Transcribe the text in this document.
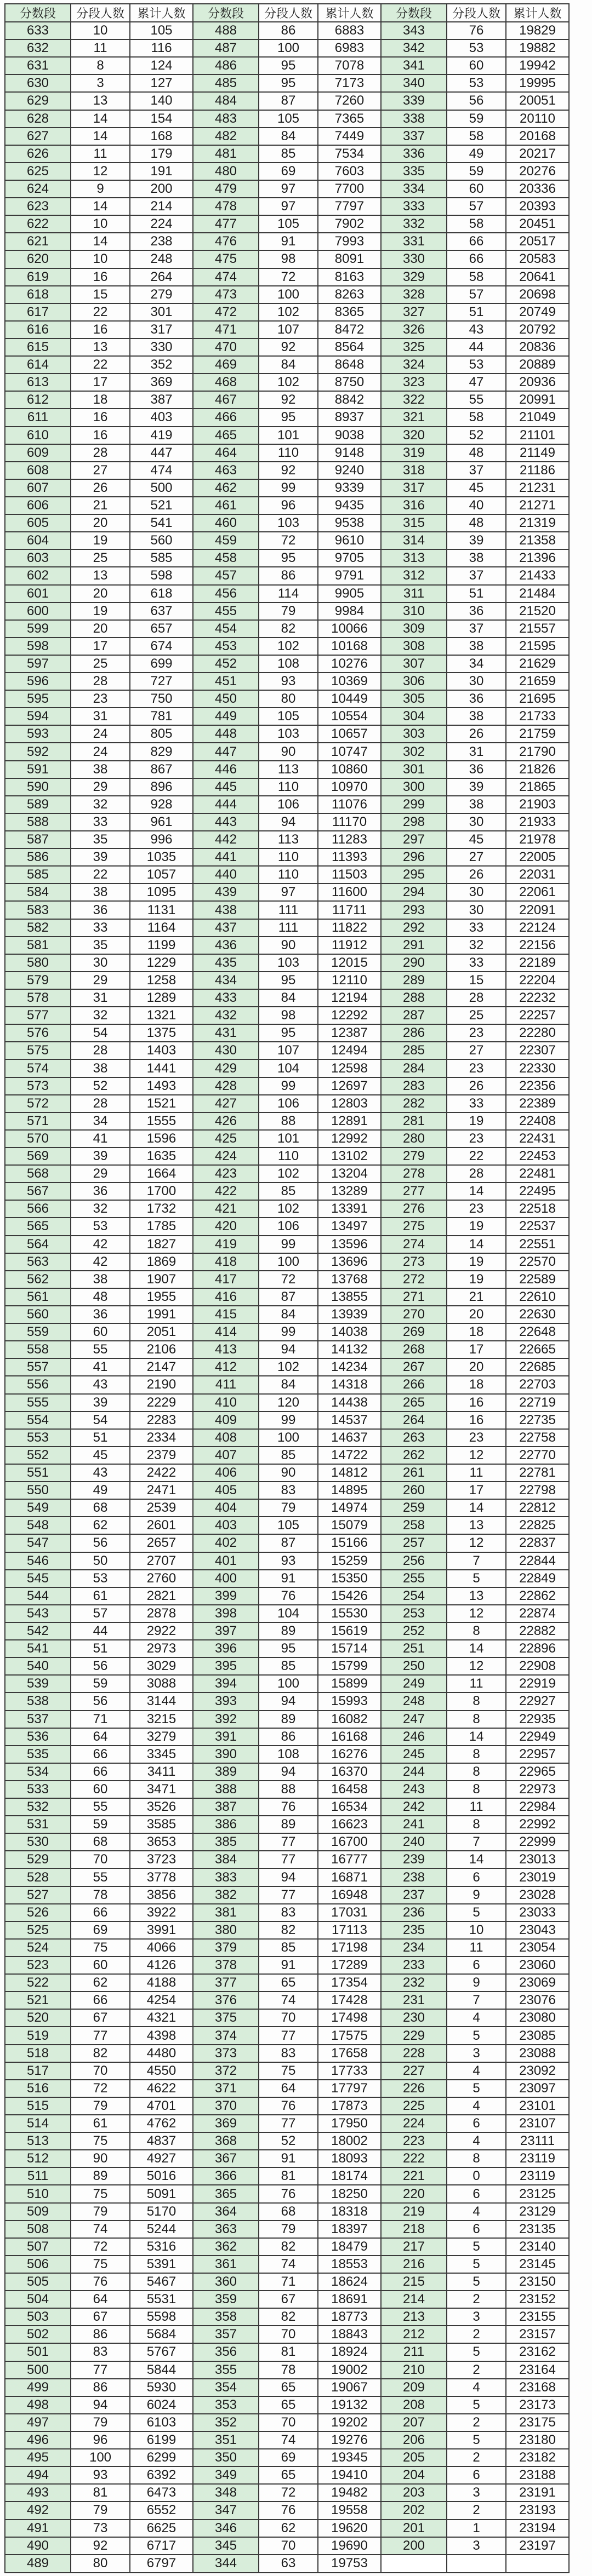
分数段	分段人数	累计人数	分数段	分段人数	累计人数	分数段	分段人数	累计人数
633	10	105	488	86	6883	343	76	19829
632	11	116	487	100	6983	342	53	19882
631	8	124	486	95	7078	341	60	19942
630	3	127	485	95	7173	340	53	19995
629	13	140	484	87	7260	339	56	20051
628	14	154	483	105	7365	338	59	20110
627	14	168	482	84	7449	337	58	20168
626	11	179	481	85	7534	336	49	20217
625	12	191	480	69	7603	335	59	20276
624	9	200	479	97	7700	334	60	20336
623	14	214	478	97	7797	333	57	20393
622	10	224	477	105	7902	332	58	20451
621	14	238	476	91	7993	331	66	20517
620	10	248	475	98	8091	330	66	20583
619	16	264	474	72	8163	329	58	20641
618	15	279	473	100	8263	328	57	20698
617	22	301	472	102	8365	327	51	20749
616	16	317	471	107	8472	326	43	20792
615	13	330	470	92	8564	325	44	20836
614	22	352	469	84	8648	324	53	20889
613	17	369	468	102	8750	323	47	20936
612	18	387	467	92	8842	322	55	20991
611	16	403	466	95	8937	321	58	21049
610	16	419	465	101	9038	320	52	21101
609	28	447	464	110	9148	319	48	21149
608	27	474	463	92	9240	318	37	21186
607	26	500	462	99	9339	317	45	21231
606	21	521	461	96	9435	316	40	21271
605	20	541	460	103	9538	315	48	21319
604	19	560	459	72	9610	314	39	21358
603	25	585	458	95	9705	313	38	21396
602	13	598	457	86	9791	312	37	21433
601	20	618	456	114	9905	311	51	21484
600	19	637	455	79	9984	310	36	21520
599	20	657	454	82	10066	309	37	21557
598	17	674	453	102	10168	308	38	21595
597	25	699	452	108	10276	307	34	21629
596	28	727	451	93	10369	306	30	21659
595	23	750	450	80	10449	305	36	21695
594	31	781	449	105	10554	304	38	21733
593	24	805	448	103	10657	303	26	21759
592	24	829	447	90	10747	302	31	21790
591	38	867	446	113	10860	301	36	21826
590	29	896	445	110	10970	300	39	21865
589	32	928	444	106	11076	299	38	21903
588	33	961	443	94	11170	298	30	21933
587	35	996	442	113	11283	297	45	21978
586	39	1035	441	110	11393	296	27	22005
585	22	1057	440	110	11503	295	26	22031
584	38	1095	439	97	11600	294	30	22061
583	36	1131	438	111	11711	293	30	22091
582	33	1164	437	111	11822	292	33	22124
581	35	1199	436	90	11912	291	32	22156
580	30	1229	435	103	12015	290	33	22189
579	29	1258	434	95	12110	289	15	22204
578	31	1289	433	84	12194	288	28	22232
577	32	1321	432	98	12292	287	25	22257
576	54	1375	431	95	12387	286	23	22280
575	28	1403	430	107	12494	285	27	22307
574	38	1441	429	104	12598	284	23	22330
573	52	1493	428	99	12697	283	26	22356
572	28	1521	427	106	12803	282	33	22389
571	34	1555	426	88	12891	281	19	22408
570	41	1596	425	101	12992	280	23	22431
569	39	1635	424	110	13102	279	22	22453
568	29	1664	423	102	13204	278	28	22481
567	36	1700	422	85	13289	277	14	22495
566	32	1732	421	102	13391	276	23	22518
565	53	1785	420	106	13497	275	19	22537
564	42	1827	419	99	13596	274	14	22551
563	42	1869	418	100	13696	273	19	22570
562	38	1907	417	72	13768	272	19	22589
561	48	1955	416	87	13855	271	21	22610
560	36	1991	415	84	13939	270	20	22630
559	60	2051	414	99	14038	269	18	22648
558	55	2106	413	94	14132	268	17	22665
557	41	2147	412	102	14234	267	20	22685
556	43	2190	411	84	14318	266	18	22703
555	39	2229	410	120	14438	265	16	22719
554	54	2283	409	99	14537	264	16	22735
553	51	2334	408	100	14637	263	23	22758
552	45	2379	407	85	14722	262	12	22770
551	43	2422	406	90	14812	261	11	22781
550	49	2471	405	83	14895	260	17	22798
549	68	2539	404	79	14974	259	14	22812
548	62	2601	403	105	15079	258	13	22825
547	56	2657	402	87	15166	257	12	22837
546	50	2707	401	93	15259	256	7	22844
545	53	2760	400	91	15350	255	5	22849
544	61	2821	399	76	15426	254	13	22862
543	57	2878	398	104	15530	253	12	22874
542	44	2922	397	89	15619	252	8	22882
541	51	2973	396	95	15714	251	14	22896
540	56	3029	395	85	15799	250	12	22908
539	59	3088	394	100	15899	249	11	22919
538	56	3144	393	94	15993	248	8	22927
537	71	3215	392	89	16082	247	8	22935
536	64	3279	391	86	16168	246	14	22949
535	66	3345	390	108	16276	245	8	22957
534	66	3411	389	94	16370	244	8	22965
533	60	3471	388	88	16458	243	8	22973
532	55	3526	387	76	16534	242	11	22984
531	59	3585	386	89	16623	241	8	22992
530	68	3653	385	77	16700	240	7	22999
529	70	3723	384	77	16777	239	14	23013
528	55	3778	383	94	16871	238	6	23019
527	78	3856	382	77	16948	237	9	23028
526	66	3922	381	83	17031	236	5	23033
525	69	3991	380	82	17113	235	10	23043
524	75	4066	379	85	17198	234	11	23054
523	60	4126	378	91	17289	233	6	23060
522	62	4188	377	65	17354	232	9	23069
521	66	4254	376	74	17428	231	7	23076
520	67	4321	375	70	17498	230	4	23080
519	77	4398	374	77	17575	229	5	23085
518	82	4480	373	83	17658	228	3	23088
517	70	4550	372	75	17733	227	4	23092
516	72	4622	371	64	17797	226	5	23097
515	79	4701	370	76	17873	225	4	23101
514	61	4762	369	77	17950	224	6	23107
513	75	4837	368	52	18002	223	4	23111
512	90	4927	367	91	18093	222	8	23119
511	89	5016	366	81	18174	221	0	23119
510	75	5091	365	76	18250	220	6	23125
509	79	5170	364	68	18318	219	4	23129
508	74	5244	363	79	18397	218	6	23135
507	72	5316	362	82	18479	217	5	23140
506	75	5391	361	74	18553	216	5	23145
505	76	5467	360	71	18624	215	5	23150
504	64	5531	359	67	18691	214	2	23152
503	67	5598	358	82	18773	213	3	23155
502	86	5684	357	70	18843	212	2	23157
501	83	5767	356	81	18924	211	5	23162
500	77	5844	355	78	19002	210	2	23164
499	86	5930	354	65	19067	209	4	23168
498	94	6024	353	65	19132	208	5	23173
497	79	6103	352	70	19202	207	2	23175
496	96	6199	351	74	19276	206	5	23180
495	100	6299	350	69	19345	205	2	23182
494	93	6392	349	65	19410	204	6	23188
493	81	6473	348	72	19482	203	3	23191
492	79	6552	347	76	19558	202	2	23193
491	73	6625	346	62	19620	201	1	23194
490	92	6717	345	70	19690	200	3	23197
489	80	6797	344	63	19753			
